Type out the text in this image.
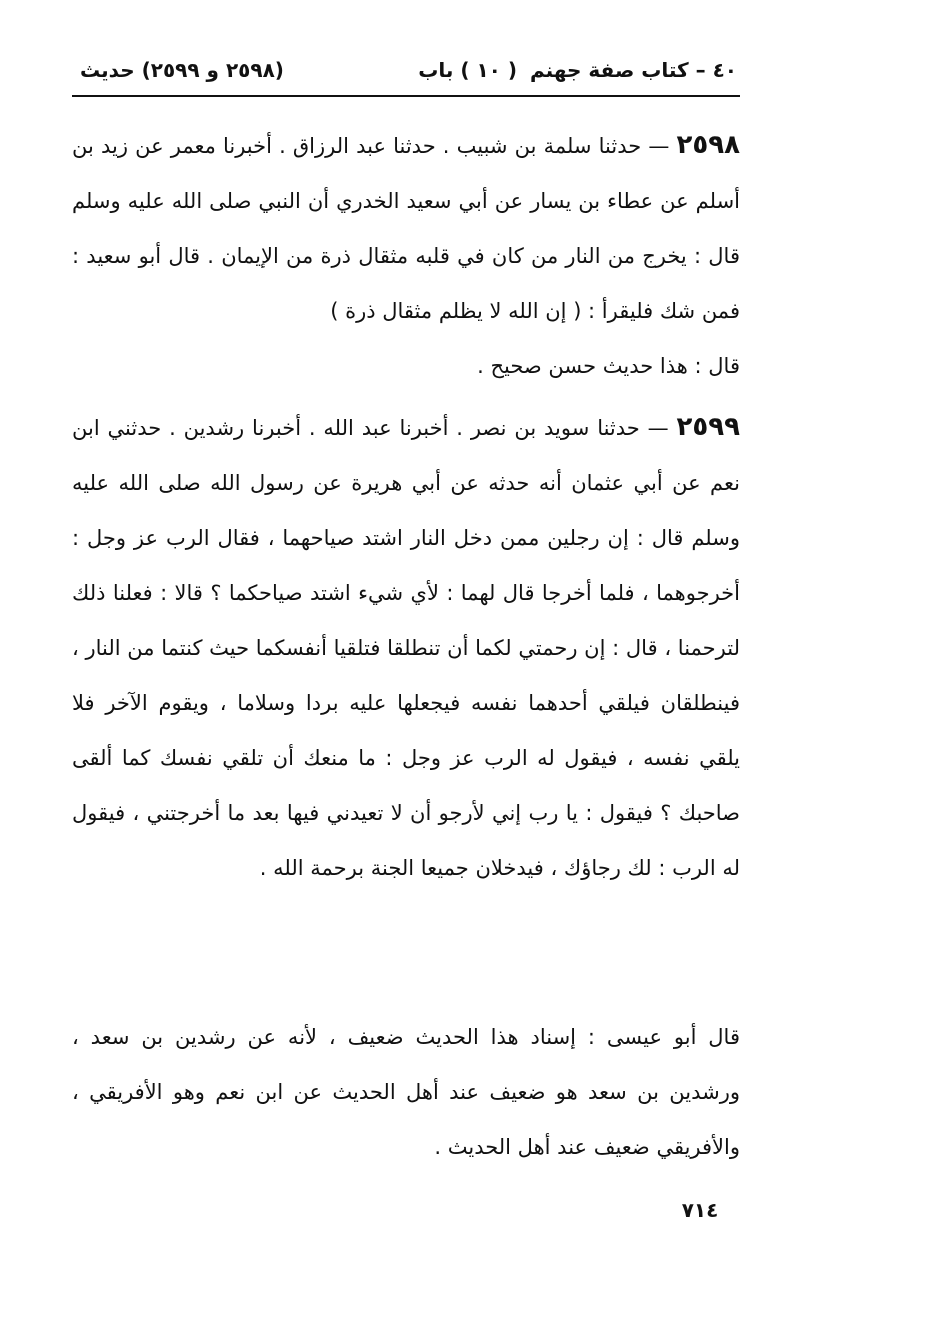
٤٠ – كتاب صفة جهنم
( ١٠ ) باب
(٢٥٩٨ و ٢٥٩٩) حديث
٢٥٩٨ — حدثنا سلمة بن شبيب . حدثنا عبد الرزاق . أخبرنا معمر عن زيد بن أسلم عن عطاء بن يسار عن أبي سعيد الخدري أن النبي صلى الله عليه وسلم قال : يخرج من النار من كان في قلبه مثقال ذرة من الإيمان . قال أبو سعيد : فمن شك فليقرأ : ( إن الله لا يظلم مثقال ذرة )
قال : هذا حديث حسن صحيح .
٢٥٩٩ — حدثنا سويد بن نصر . أخبرنا عبد الله . أخبرنا رشدين . حدثني ابن نعم عن أبي عثمان أنه حدثه عن أبي هريرة عن رسول الله صلى الله عليه وسلم قال : إن رجلين ممن دخل النار اشتد صياحهما ، فقال الرب عز وجل : أخرجوهما ، فلما أخرجا قال لهما : لأي شيء اشتد صياحكما ؟ قالا : فعلنا ذلك لترحمنا ، قال : إن رحمتي لكما أن تنطلقا فتلقيا أنفسكما حيث كنتما من النار ، فينطلقان فيلقي أحدهما نفسه فيجعلها عليه بردا وسلاما ، ويقوم الآخر فلا يلقي نفسه ، فيقول له الرب عز وجل : ما منعك أن تلقي نفسك كما ألقى صاحبك ؟ فيقول : يا رب إني لأرجو أن لا تعيدني فيها بعد ما أخرجتني ، فيقول له الرب : لك رجاؤك ، فيدخلان جميعا الجنة برحمة الله .
قال أبو عيسى : إسناد هذا الحديث ضعيف ، لأنه عن رشدين بن سعد ، ورشدين بن سعد هو ضعيف عند أهل الحديث عن ابن نعم وهو الأفريقي ، والأفريقي ضعيف عند أهل الحديث .
٧١٤
